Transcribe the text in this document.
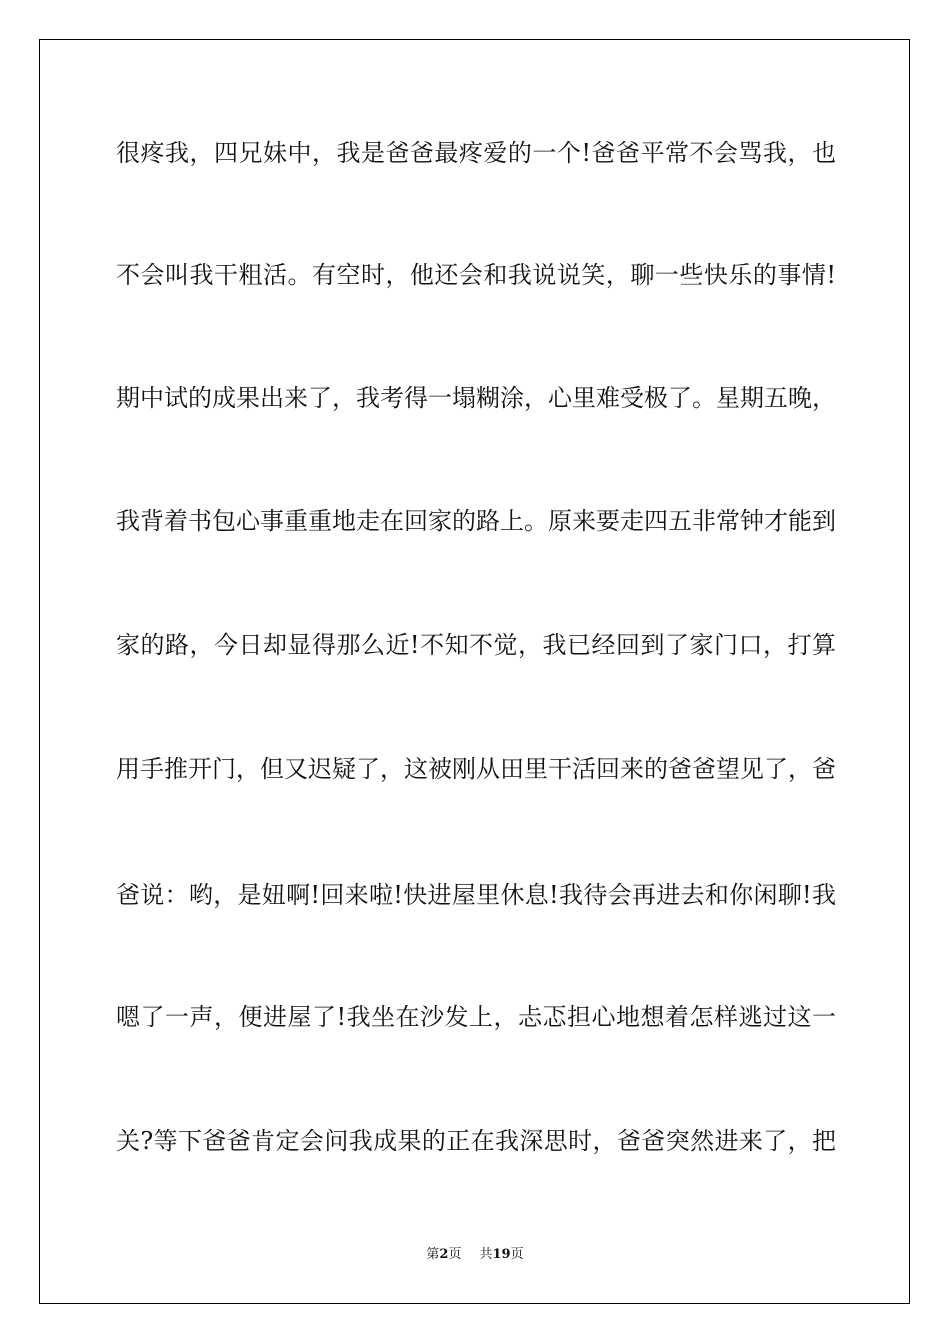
很疼我，四兄妹中，我是爸爸最疼爱的一个!爸爸平常不会骂我，也
不会叫我干粗活。有空时，他还会和我说说笑，聊一些快乐的事情!
期中试的成果出来了，我考得一塌糊涂，心里难受极了。星期五晚，
我背着书包心事重重地走在回家的路上。原来要走四五非常钟才能到
家的路，今日却显得那么近!不知不觉，我已经回到了家门口，打算
用手推开门，但又迟疑了，这被刚从田里干活回来的爸爸望见了，爸
爸说：哟，是妞啊!回来啦!快进屋里休息!我待会再进去和你闲聊!我
嗯了一声，便进屋了!我坐在沙发上，忐忑担心地想着怎样逃过这一
关?等下爸爸肯定会问我成果的正在我深思时，爸爸突然进来了，把
第2页 共19页
